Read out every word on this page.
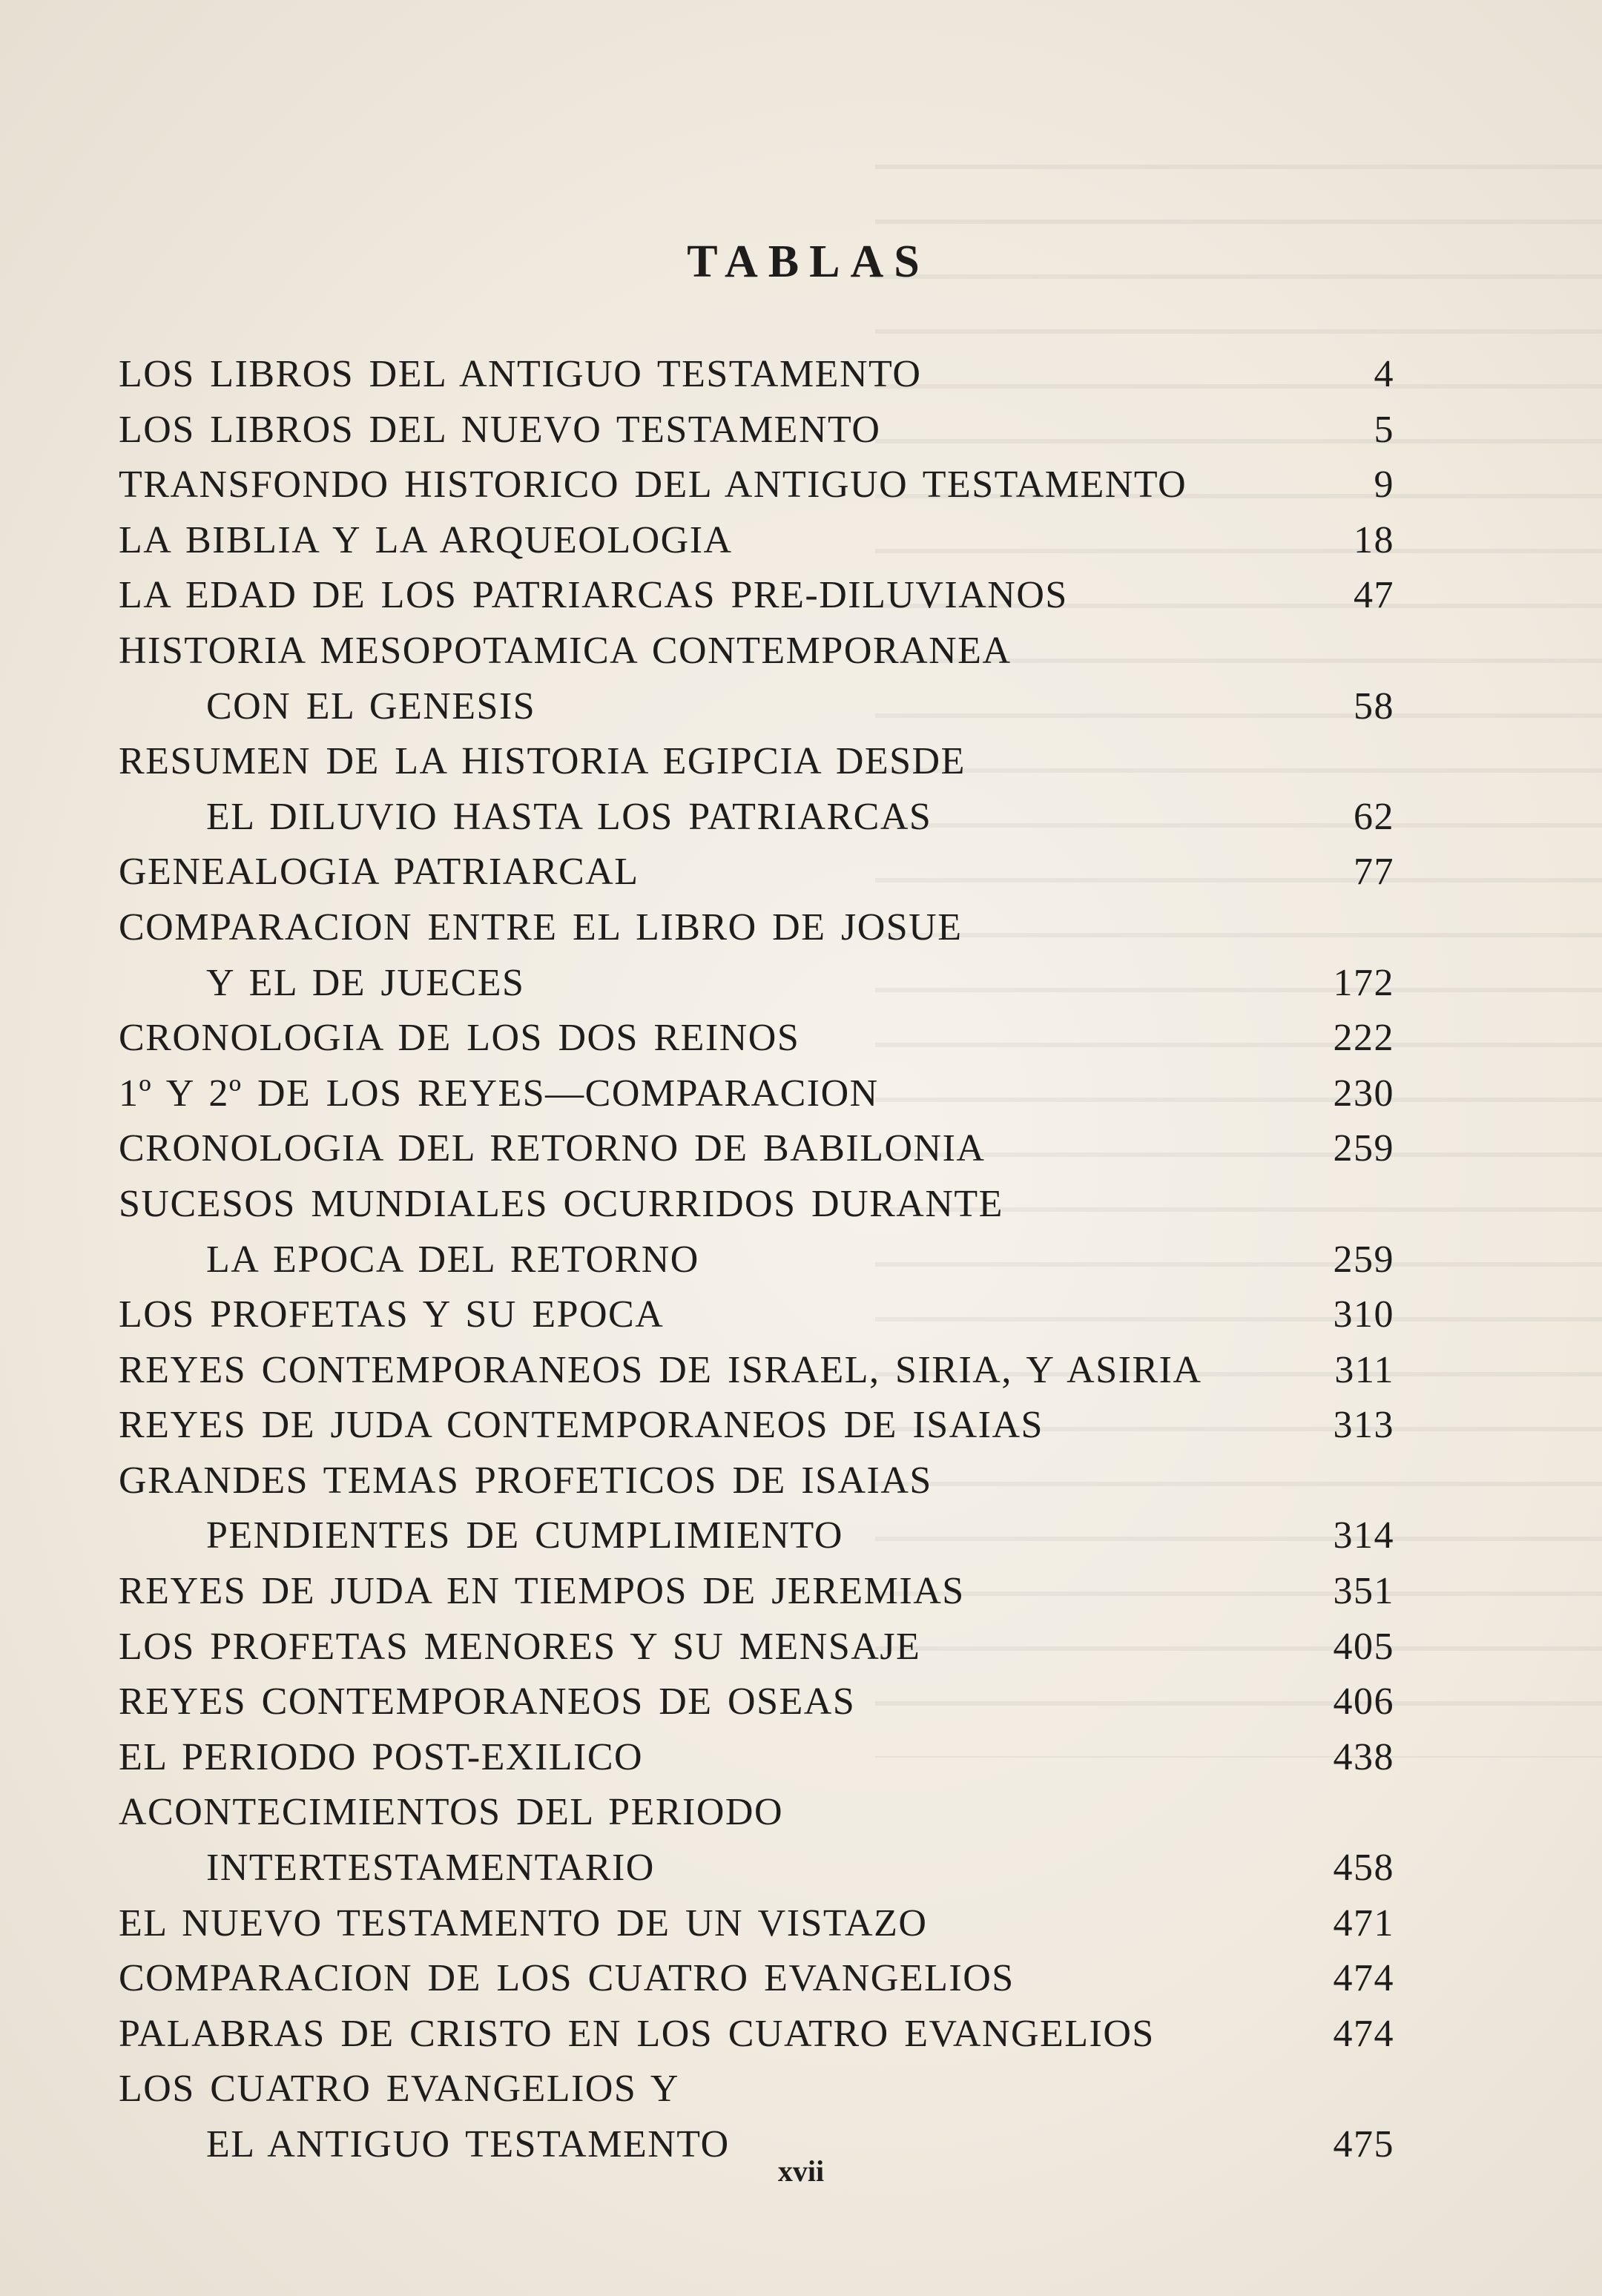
TABLAS
LOS LIBROS DEL ANTIGUO TESTAMENTO	4
LOS LIBROS DEL NUEVO TESTAMENTO	5
TRANSFONDO HISTORICO DEL ANTIGUO TESTAMENTO	9
LA BIBLIA Y LA ARQUEOLOGIA	18
LA EDAD DE LOS PATRIARCAS PRE-DILUVIANOS	47
HISTORIA MESOPOTAMICA CONTEMPORANEA
CON EL GENESIS	58
RESUMEN DE LA HISTORIA EGIPCIA DESDE
EL DILUVIO HASTA LOS PATRIARCAS	62
GENEALOGIA PATRIARCAL	77
COMPARACION ENTRE EL LIBRO DE JOSUE
Y EL DE JUECES	172
CRONOLOGIA DE LOS DOS REINOS	222
1º Y 2º DE LOS REYES—COMPARACION	230
CRONOLOGIA DEL RETORNO DE BABILONIA	259
SUCESOS MUNDIALES OCURRIDOS DURANTE
LA EPOCA DEL RETORNO	259
LOS PROFETAS Y SU EPOCA	310
REYES CONTEMPORANEOS DE ISRAEL, SIRIA, Y ASIRIA	311
REYES DE JUDA CONTEMPORANEOS DE ISAIAS	313
GRANDES TEMAS PROFETICOS DE ISAIAS
PENDIENTES DE CUMPLIMIENTO	314
REYES DE JUDA EN TIEMPOS DE JEREMIAS	351
LOS PROFETAS MENORES Y SU MENSAJE	405
REYES CONTEMPORANEOS DE OSEAS	406
EL PERIODO POST-EXILICO	438
ACONTECIMIENTOS DEL PERIODO
INTERTESTAMENTARIO	458
EL NUEVO TESTAMENTO DE UN VISTAZO	471
COMPARACION DE LOS CUATRO EVANGELIOS	474
PALABRAS DE CRISTO EN LOS CUATRO EVANGELIOS	474
LOS CUATRO EVANGELIOS Y
EL ANTIGUO TESTAMENTO	475
xvii
